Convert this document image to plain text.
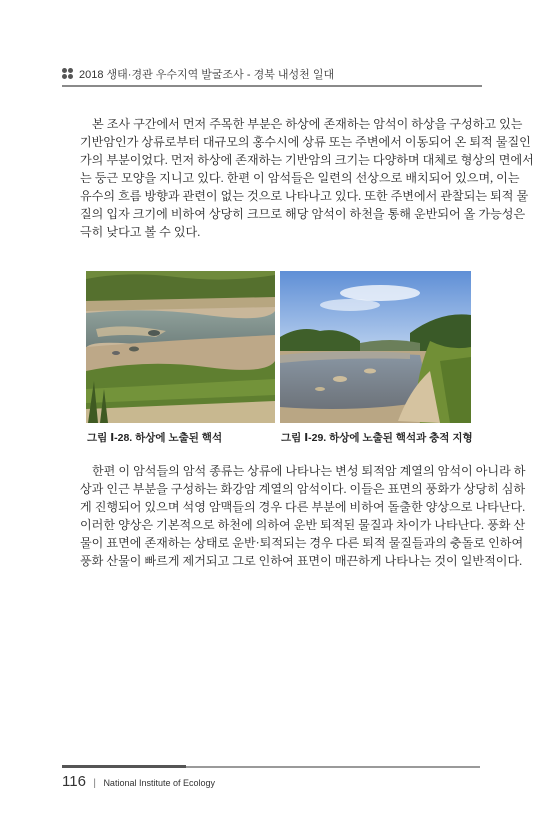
2018 생태·경관 우수지역 발굴조사 - 경북 내성천 일대
본 조사 구간에서 먼저 주목한 부분은 하상에 존재하는 암석이 하상을 구성하고 있는
기반암인가 상류로부터 대규모의 홍수시에 상류 또는 주변에서 이동되어 온 퇴적 물질인
가의 부분이었다. 먼저 하상에 존재하는 기반암의 크기는 다양하며 대체로 형상의 면에서
는 둥근 모양을 지니고 있다. 한편 이 암석들은 일련의 선상으로 배치되어 있으며, 이는
유수의 흐름 방향과 관련이 없는 것으로 나타나고 있다. 또한 주변에서 관찰되는 퇴적 물
질의 입자 크기에 비하여 상당히 크므로 해당 암석이 하천을 통해 운반되어 올 가능성은
극히 낮다고 볼 수 있다.
그림 Ⅰ-28. 하상에 노출된 핵석	그림 Ⅰ-29. 하상에 노출된 핵석과 충적 지형
한편 이 암석들의 암석 종류는 상류에 나타나는 변성 퇴적암 계열의 암석이 아니라 하
상과 인근 부분을 구성하는 화강암 계열의 암석이다. 이들은 표면의 풍화가 상당히 심하
게 진행되어 있으며 석영 암맥들의 경우 다른 부분에 비하여 돌출한 양상으로 나타난다.
이러한 양상은 기본적으로 하천에 의하여 운반 퇴적된 물질과 차이가 나타난다. 풍화 산
물이 표면에 존재하는 상태로 운반·퇴적되는 경우 다른 퇴적 물질들과의 충돌로 인하여
풍화 산물이 빠르게 제거되고 그로 인하여 표면이 매끈하게 나타나는 것이 일반적이다.
116 | National Institute of Ecology
